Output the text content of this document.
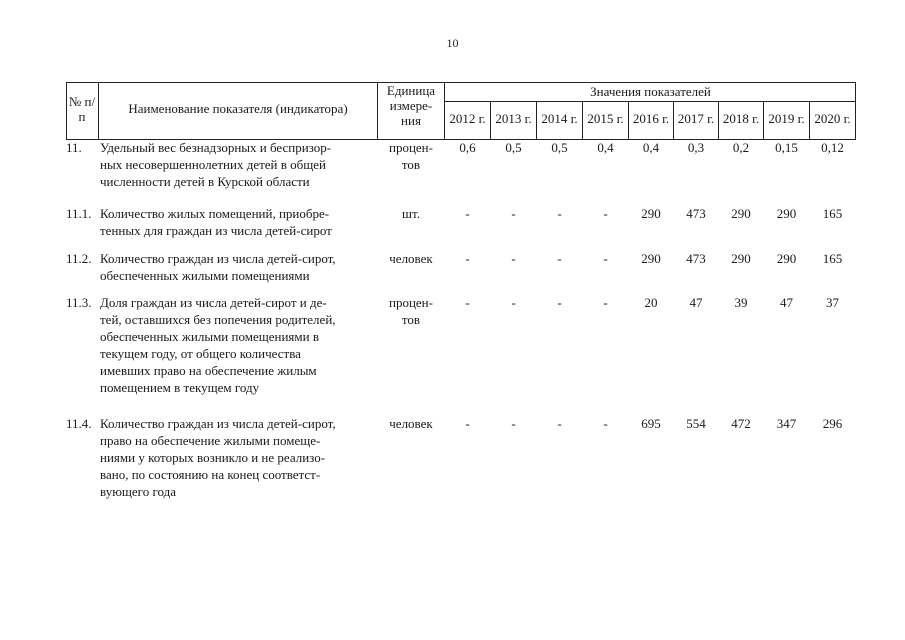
10
№ п/п
Наименование показателя (индикатора)
Единица
измере-
ния
Значения показателей
2012 г. 2013 г. 2014 г. 2015 г. 2016 г. 2017 г. 2018 г. 2019 г. 2020 г.
11.	Удельный вес безнадзорных и беспризор-
ных несовершеннолетних детей в общей
численности детей в Курской области
процен-
тов
0,6	0,5	0,5	0,4	0,4	0,3	0,2	0,15	0,12
11.1. Количество жилых помещений, приобре-
тенных для граждан из числа детей-сирот
шт.	-	-	-	-	290	473	290	290	165
11.2. Количество граждан из числа детей-сирот,
обеспеченных жилыми помещениями
человек	-	-	-	-	290	473	290	290	165
11.3. Доля граждан из числа детей-сирот и де-
тей, оставшихся без попечения родителей,
обеспеченных жилыми помещениями в
текущем году, от общего количества
имевших право на обеспечение жилым
помещением в текущем году
процен-
тов
-	-	-	-	20	47	39	47	37
11.4. Количество граждан из числа детей-сирот,
право на обеспечение жилыми помеще-
ниями у которых возникло и не реализо-
вано, по состоянию на конец соответст-
вующего года
человек	-	-	-	-	695	554	472	347	296
